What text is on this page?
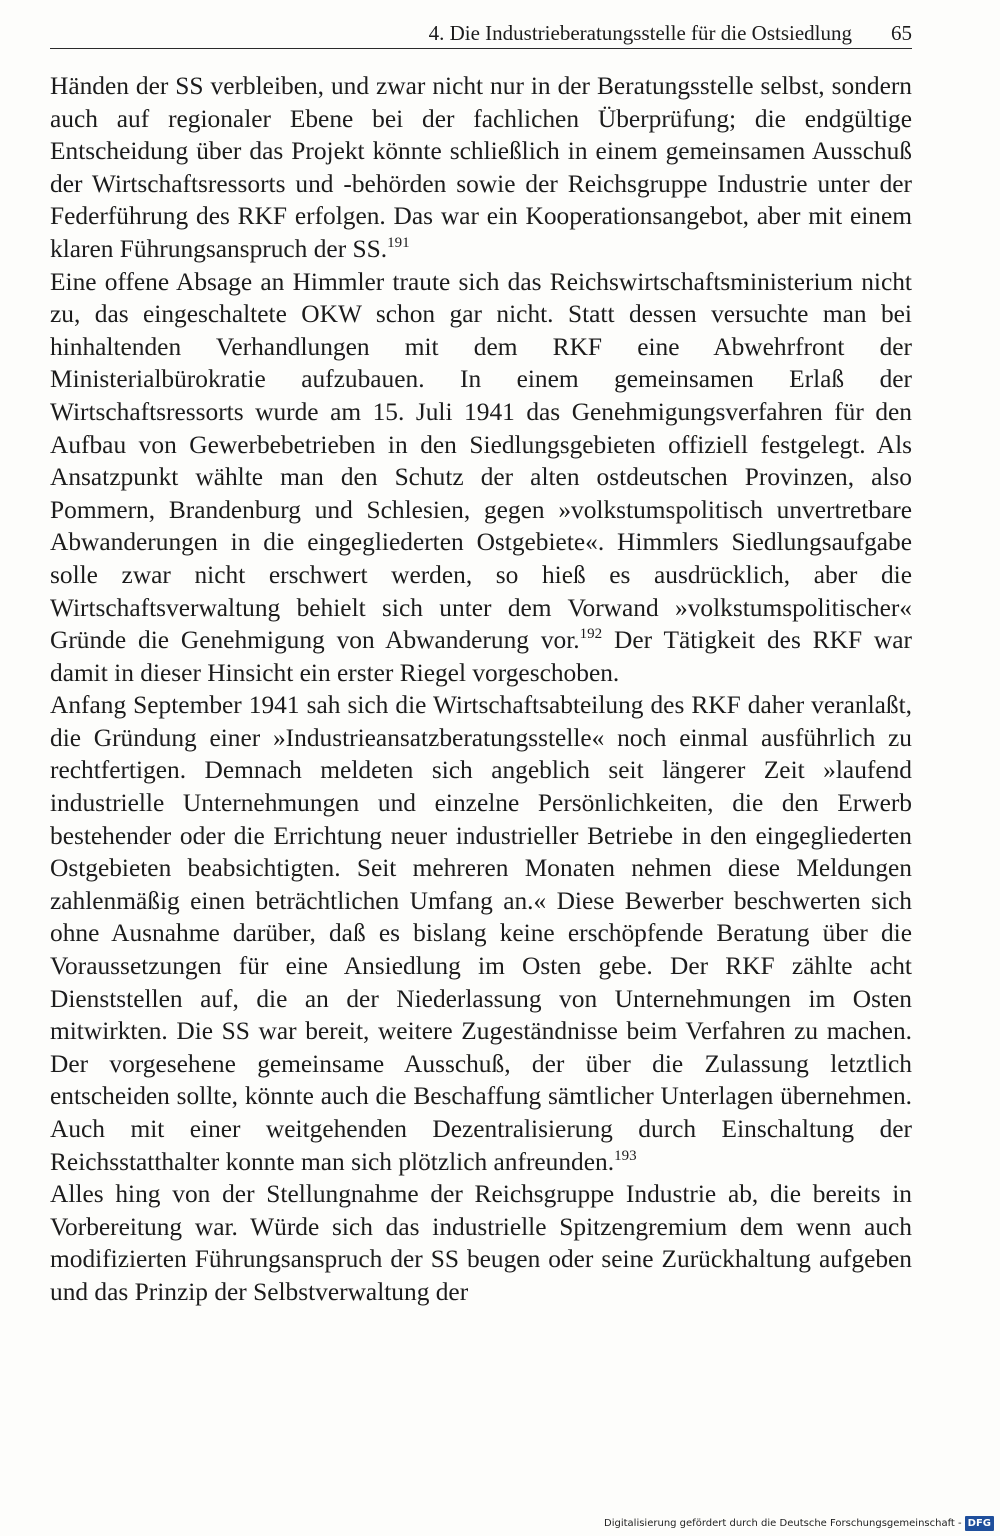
4. Die Industrieberatungsstelle für die Ostsiedlung 65

Händen der SS verbleiben, und zwar nicht nur in der Beratungsstelle selbst, sondern auch auf regionaler Ebene bei der fachlichen Überprüfung; die endgültige Entscheidung über das Projekt könnte schließlich in einem gemeinsamen Ausschuß der Wirtschaftsressorts und -behörden sowie der Reichsgruppe Industrie unter der Federführung des RKF erfolgen. Das war ein Kooperationsangebot, aber mit einem klaren Führungsanspruch der SS.$^{191}$

Eine offene Absage an Himmler traute sich das Reichswirtschaftsministerium nicht zu, das eingeschaltete OKW schon gar nicht. Statt dessen versuchte man bei hinhaltenden Verhandlungen mit dem RKF eine Abwehrfront der Ministerialbürokratie aufzubauen. In einem gemeinsamen Erlaß der Wirtschaftsressorts wurde am 15. Juli 1941 das Genehmigungsverfahren für den Aufbau von Gewerbebetrieben in den Siedlungsgebieten offiziell festgelegt. Als Ansatzpunkt wählte man den Schutz der alten ostdeutschen Provinzen, also Pommern, Brandenburg und Schlesien, gegen »volkstumspolitisch unvertretbare Abwanderungen in die eingegliederten Ostgebiete«. Himmlers Siedlungsaufgabe solle zwar nicht erschwert werden, so hieß es ausdrücklich, aber die Wirtschaftsverwaltung behielt sich unter dem Vorwand »volkstumspolitischer« Gründe die Genehmigung von Abwanderung vor.$^{192}$ Der Tätigkeit des RKF war damit in dieser Hinsicht ein erster Riegel vorgeschoben.

Anfang September 1941 sah sich die Wirtschaftsabteilung des RKF daher veranlaßt, die Gründung einer »Industrieansatzberatungsstelle« noch einmal ausführlich zu rechtfertigen. Demnach meldeten sich angeblich seit längerer Zeit »laufend industrielle Unternehmungen und einzelne Persönlichkeiten, die den Erwerb bestehender oder die Errichtung neuer industrieller Betriebe in den eingegliederten Ostgebieten beabsichtigten. Seit mehreren Monaten nehmen diese Meldungen zahlenmäßig einen beträchtlichen Umfang an.« Diese Bewerber beschwerten sich ohne Ausnahme darüber, daß es bislang keine erschöpfende Beratung über die Voraussetzungen für eine Ansiedlung im Osten gebe. Der RKF zählte acht Dienststellen auf, die an der Niederlassung von Unternehmungen im Osten mitwirkten. Die SS war bereit, weitere Zugeständnisse beim Verfahren zu machen. Der vorgesehene gemeinsame Ausschuß, der über die Zulassung letztlich entscheiden sollte, könnte auch die Beschaffung sämtlicher Unterlagen übernehmen. Auch mit einer weitgehenden Dezentralisierung durch Einschaltung der Reichsstatthalter konnte man sich plötzlich anfreunden.$^{193}$

Alles hing von der Stellungnahme der Reichsgruppe Industrie ab, die bereits in Vorbereitung war. Würde sich das industrielle Spitzengremium dem wenn auch modifizierten Führungsanspruch der SS beugen oder seine Zurückhaltung aufgeben und das Prinzip der Selbstverwaltung der

Digitalisierung gefördert durch die Deutsche Forschungsgemeinschaft - DFG
